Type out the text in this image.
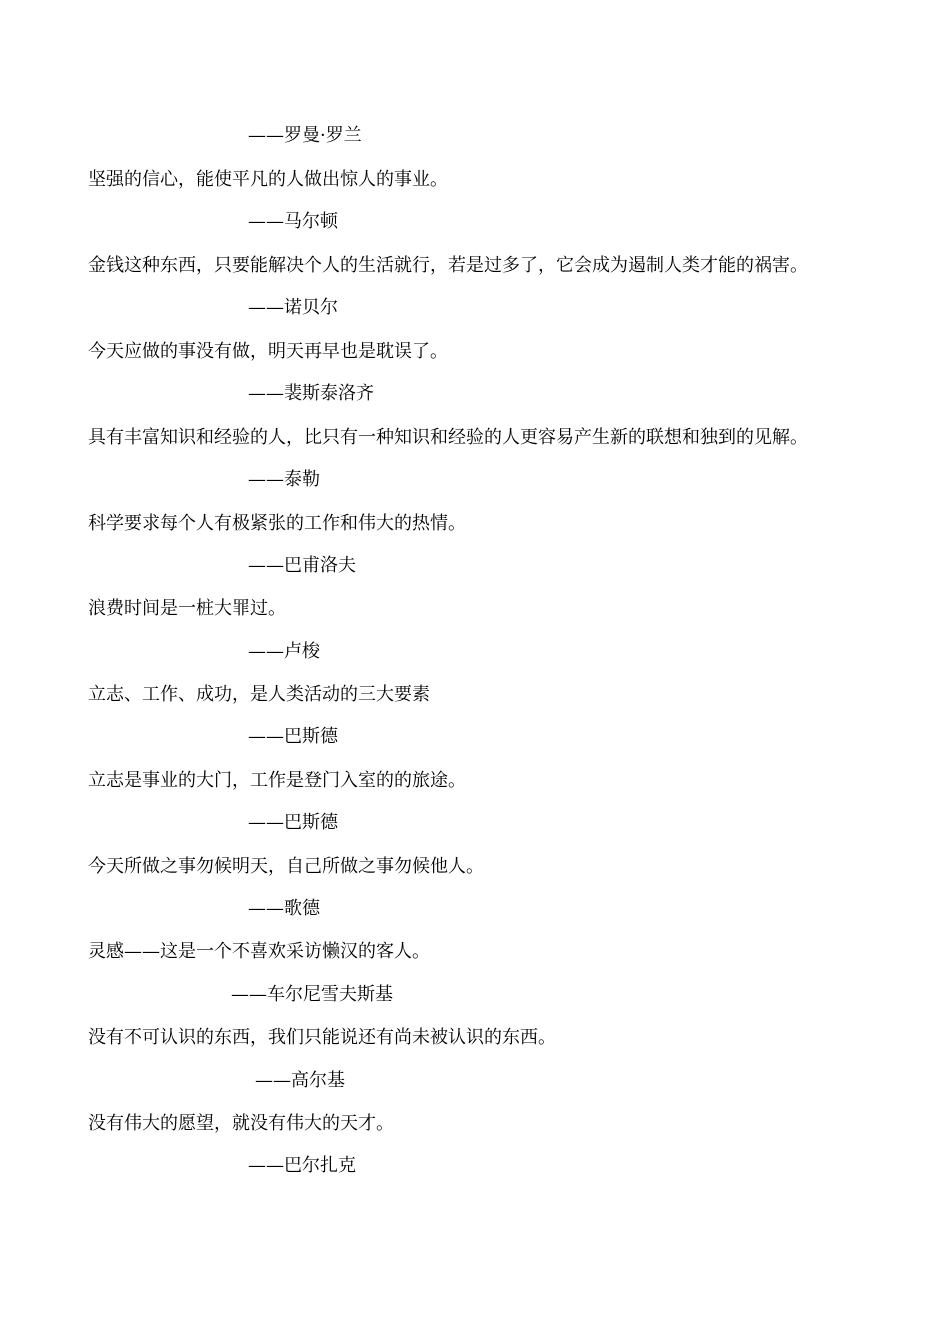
——罗曼·罗兰
坚强的信心，能使平凡的人做出惊人的事业。
——马尔顿
金钱这种东西，只要能解决个人的生活就行，若是过多了，它会成为遏制人类才能的祸害。
——诺贝尔
今天应做的事没有做，明天再早也是耽误了。
——裴斯泰洛齐
具有丰富知识和经验的人，比只有一种知识和经验的人更容易产生新的联想和独到的见解。
——泰勒
科学要求每个人有极紧张的工作和伟大的热情。
——巴甫洛夫
浪费时间是一桩大罪过。
——卢梭
立志、工作、成功，是人类活动的三大要素
——巴斯德
立志是事业的大门，工作是登门入室的的旅途。
——巴斯德
今天所做之事勿候明天，自己所做之事勿候他人。
——歌德
灵感——这是一个不喜欢采访懒汉的客人。
——车尔尼雪夫斯基
没有不可认识的东西，我们只能说还有尚未被认识的东西。
——高尔基
没有伟大的愿望，就没有伟大的天才。
——巴尔扎克
